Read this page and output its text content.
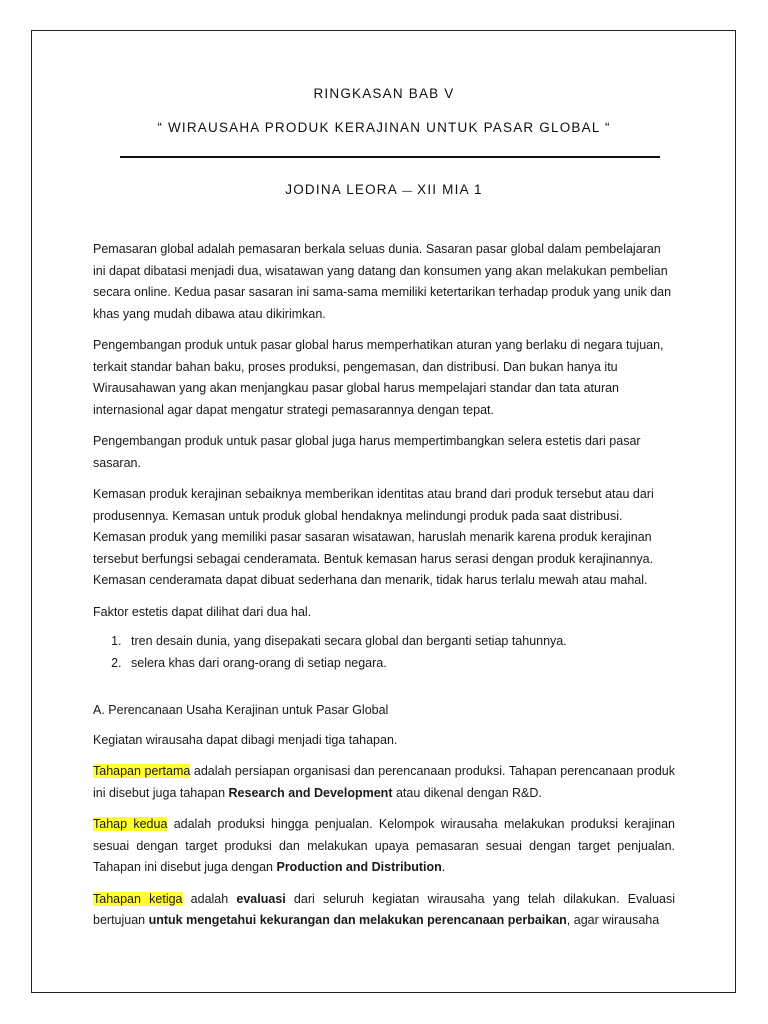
RINGKASAN BAB V
“ WIRAUSAHA PRODUK KERAJINAN UNTUK PASAR GLOBAL “
JODINA LEORA — XII MIA 1

Pemasaran global adalah pemasaran berkala seluas dunia. Sasaran pasar global dalam pembelajaran ini dapat dibatasi menjadi dua, wisatawan yang datang dan konsumen yang akan melakukan pembelian secara online. Kedua pasar sasaran ini sama-sama memiliki ketertarikan terhadap produk yang unik dan khas yang mudah dibawa atau dikirimkan.

Pengembangan produk untuk pasar global harus memperhatikan aturan yang berlaku di negara tujuan, terkait standar bahan baku, proses produksi, pengemasan, dan distribusi. Dan bukan hanya itu Wirausahawan yang akan menjangkau pasar global harus mempelajari standar dan tata aturan internasional agar dapat mengatur strategi pemasarannya dengan tepat.

Pengembangan produk untuk pasar global juga harus mempertimbangkan selera estetis dari pasar sasaran.

Kemasan produk kerajinan sebaiknya memberikan identitas atau brand dari produk tersebut atau dari produsennya. Kemasan untuk produk global hendaknya melindungi produk pada saat distribusi. Kemasan produk yang memiliki pasar sasaran wisatawan, haruslah menarik karena produk kerajinan tersebut berfungsi sebagai cenderamata. Bentuk kemasan harus serasi dengan produk kerajinannya. Kemasan cenderamata dapat dibuat sederhana dan menarik, tidak harus terlalu mewah atau mahal.

Faktor estetis dapat dilihat dari dua hal.

1. tren desain dunia, yang disepakati secara global dan berganti setiap tahunnya.
2. selera khas dari orang-orang di setiap negara.

A. Perencanaan Usaha Kerajinan untuk Pasar Global

Kegiatan wirausaha dapat dibagi menjadi tiga tahapan.

Tahapan pertama adalah persiapan organisasi dan perencanaan produksi. Tahapan perencanaan produk ini disebut juga tahapan Research and Development atau dikenal dengan R&D.

Tahap kedua adalah produksi hingga penjualan. Kelompok wirausaha melakukan produksi kerajinan sesuai dengan target produksi dan melakukan upaya pemasaran sesuai dengan target penjualan. Tahapan ini disebut juga dengan Production and Distribution.

Tahapan ketiga adalah evaluasi dari seluruh kegiatan wirausaha yang telah dilakukan. Evaluasi bertujuan untuk mengetahui kekurangan dan melakukan perencanaan perbaikan, agar wirausaha
